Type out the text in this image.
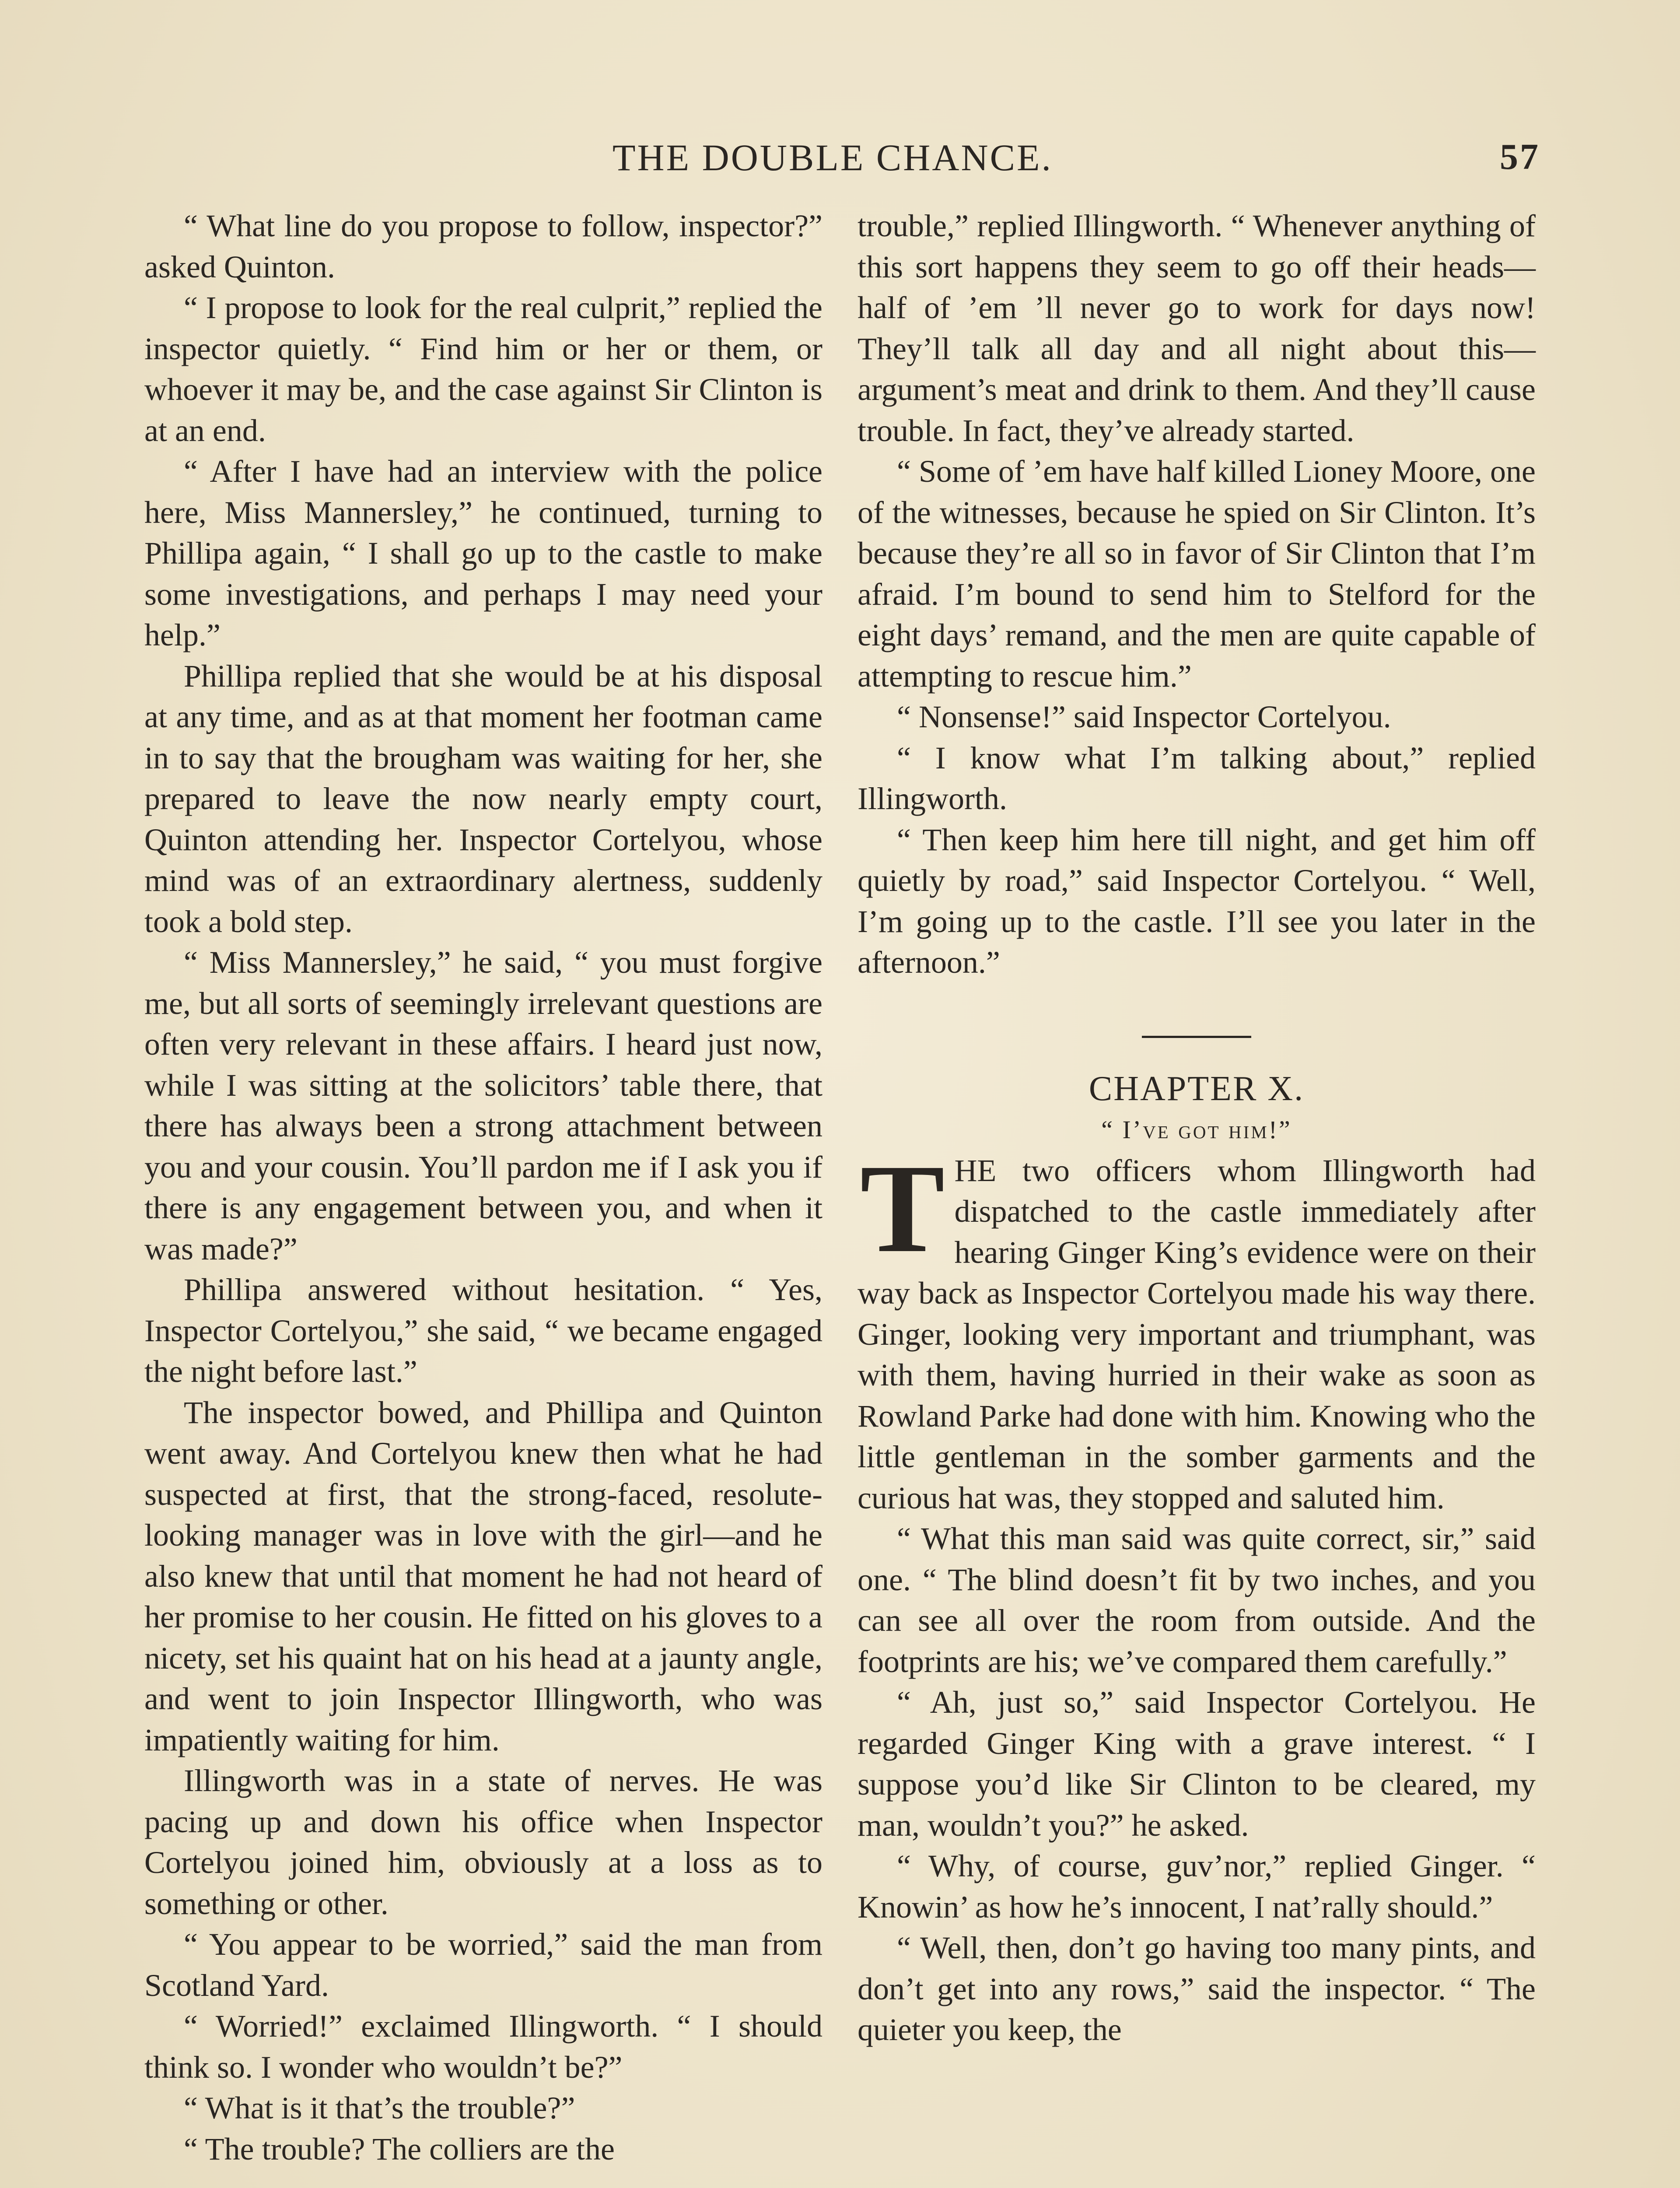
THE DOUBLE CHANCE.	57

“ What line do you propose to follow, inspector?” asked Quinton.

“ I propose to look for the real culprit,” replied the inspector quietly. “ Find him or her or them, or whoever it may be, and the case against Sir Clinton is at an end.

“ After I have had an interview with the police here, Miss Mannersley,” he continued, turning to Phillipa again, “ I shall go up to the castle to make some investigations, and perhaps I may need your help.”

Phillipa replied that she would be at his disposal at any time, and as at that moment her footman came in to say that the brougham was waiting for her, she prepared to leave the now nearly empty court, Quinton attending her. Inspector Cortelyou, whose mind was of an extraordinary alertness, suddenly took a bold step.

“ Miss Mannersley,” he said, “ you must forgive me, but all sorts of seemingly irrelevant questions are often very relevant in these affairs. I heard just now, while I was sitting at the solicitors’ table there, that there has always been a strong attachment between you and your cousin. You’ll pardon me if I ask you if there is any engagement between you, and when it was made?”

Phillipa answered without hesitation. “ Yes, Inspector Cortelyou,” she said, “ we became engaged the night before last.”

The inspector bowed, and Phillipa and Quinton went away. And Cortelyou knew then what he had suspected at first, that the strong-faced, resolute-looking manager was in love with the girl—and he also knew that until that moment he had not heard of her promise to her cousin. He fitted on his gloves to a nicety, set his quaint hat on his head at a jaunty angle, and went to join Inspector Illingworth, who was impatiently waiting for him.

Illingworth was in a state of nerves. He was pacing up and down his office when Inspector Cortelyou joined him, obviously at a loss as to something or other.

“ You appear to be worried,” said the man from Scotland Yard.

“ Worried!” exclaimed Illingworth. “ I should think so. I wonder who wouldn’t be?”

“ What is it that’s the trouble?”

“ The trouble? The colliers are the

trouble,” replied Illingworth. “ Whenever anything of this sort happens they seem to go off their heads—half of ’em ’ll never go to work for days now! They’ll talk all day and all night about this—argument’s meat and drink to them. And they’ll cause trouble. In fact, they’ve already started.

“ Some of ’em have half killed Lioney Moore, one of the witnesses, because he spied on Sir Clinton. It’s because they’re all so in favor of Sir Clinton that I’m afraid. I’m bound to send him to Stelford for the eight days’ remand, and the men are quite capable of attempting to rescue him.”

“ Nonsense!” said Inspector Cortelyou.

“ I know what I’m talking about,” replied Illingworth.

“ Then keep him here till night, and get him off quietly by road,” said Inspector Cortelyou. “ Well, I’m going up to the castle. I’ll see you later in the afternoon.”

CHAPTER X.

“ I’ve got him!”

THE two officers whom Illingworth had dispatched to the castle immediately after hearing Ginger King’s evidence were on their way back as Inspector Cortelyou made his way there. Ginger, looking very important and triumphant, was with them, having hurried in their wake as soon as Rowland Parke had done with him. Knowing who the little gentleman in the somber garments and the curious hat was, they stopped and saluted him.

“ What this man said was quite correct, sir,” said one. “ The blind doesn’t fit by two inches, and you can see all over the room from outside. And the footprints are his; we’ve compared them carefully.”

“ Ah, just so,” said Inspector Cortelyou. He regarded Ginger King with a grave interest. “ I suppose you’d like Sir Clinton to be cleared, my man, wouldn’t you?” he asked.

“ Why, of course, guv’nor,” replied Ginger. “ Knowin’ as how he’s innocent, I nat’rally should.”

“ Well, then, don’t go having too many pints, and don’t get into any rows,” said the inspector. “ The quieter you keep, the
